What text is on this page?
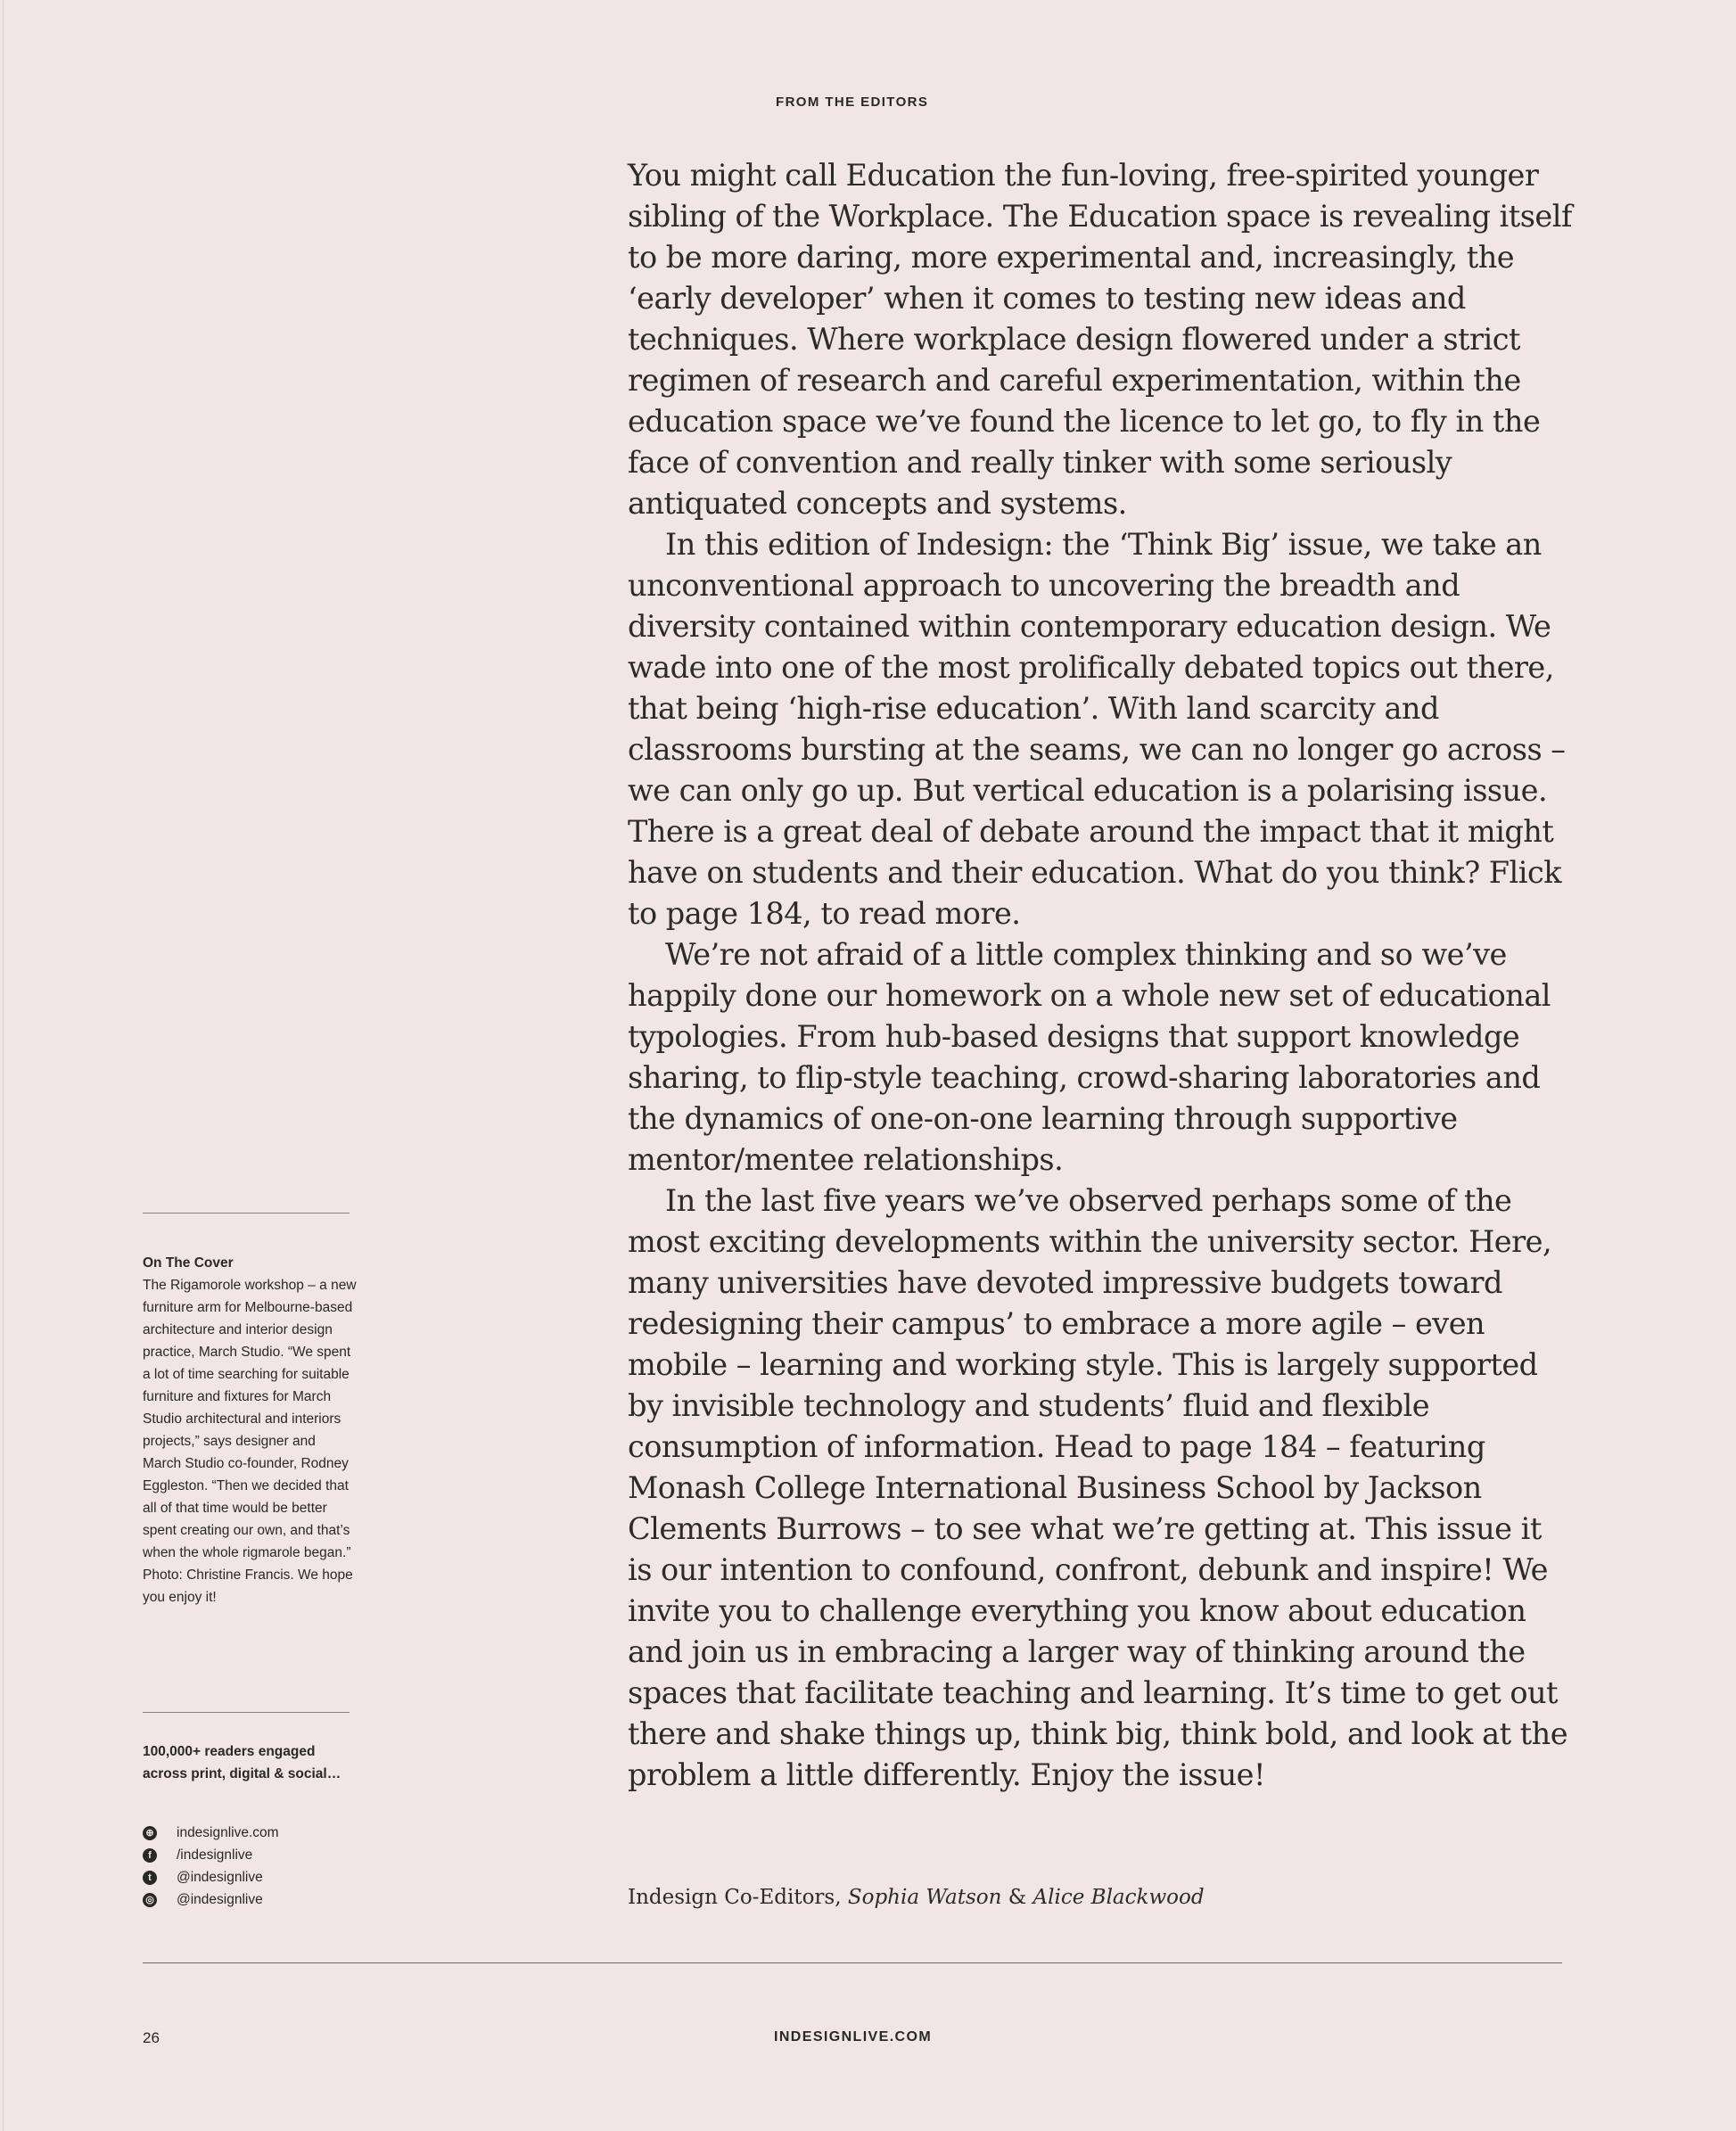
FROM THE EDITORS

You might call Education the fun-loving, free-spirited younger sibling of the Workplace. The Education space is revealing itself to be more daring, more experimental and, increasingly, the ‘early developer’ when it comes to testing new ideas and techniques. Where workplace design flowered under a strict regimen of research and careful experimentation, within the education space we’ve found the licence to let go, to fly in the face of convention and really tinker with some seriously antiquated concepts and systems.

In this edition of Indesign: the ‘Think Big’ issue, we take an unconventional approach to uncovering the breadth and diversity contained within contemporary education design. We wade into one of the most prolifically debated topics out there, that being ‘high-rise education’. With land scarcity and classrooms bursting at the seams, we can no longer go across – we can only go up. But vertical education is a polarising issue. There is a great deal of debate around the impact that it might have on students and their education. What do you think? Flick to page 184, to read more.

We’re not afraid of a little complex thinking and so we’ve happily done our homework on a whole new set of educational typologies. From hub-based designs that support knowledge sharing, to flip-style teaching, crowd-sharing laboratories and the dynamics of one-on-one learning through supportive mentor/mentee relationships.

In the last five years we’ve observed perhaps some of the most exciting developments within the university sector. Here, many universities have devoted impressive budgets toward redesigning their campus’ to embrace a more agile – even mobile – learning and working style. This is largely supported by invisible technology and students’ fluid and flexible consumption of information. Head to page 184 – featuring Monash College International Business School by Jackson Clements Burrows – to see what we’re getting at. This issue it is our intention to confound, confront, debunk and inspire! We invite you to challenge everything you know about education and join us in embracing a larger way of thinking around the spaces that facilitate teaching and learning. It’s time to get out there and shake things up, think big, think bold, and look at the problem a little differently. Enjoy the issue!

Indesign Co-Editors, Sophia Watson & Alice Blackwood
On The Cover
The Rigamorole workshop – a new furniture arm for Melbourne-based architecture and interior design practice, March Studio. “We spent a lot of time searching for suitable furniture and fixtures for March Studio architectural and interiors projects,” says designer and March Studio co-founder, Rodney Eggleston. “Then we decided that all of that time would be better spent creating our own, and that’s when the whole rigmarole began.” Photo: Christine Francis. We hope you enjoy it!
100,000+ readers engaged across print, digital & social…
⊕ indesignlive.com
f	/indesignlive
t	@indesignlive
◎ @indesignlive
26	INDESIGNLIVE.COM
